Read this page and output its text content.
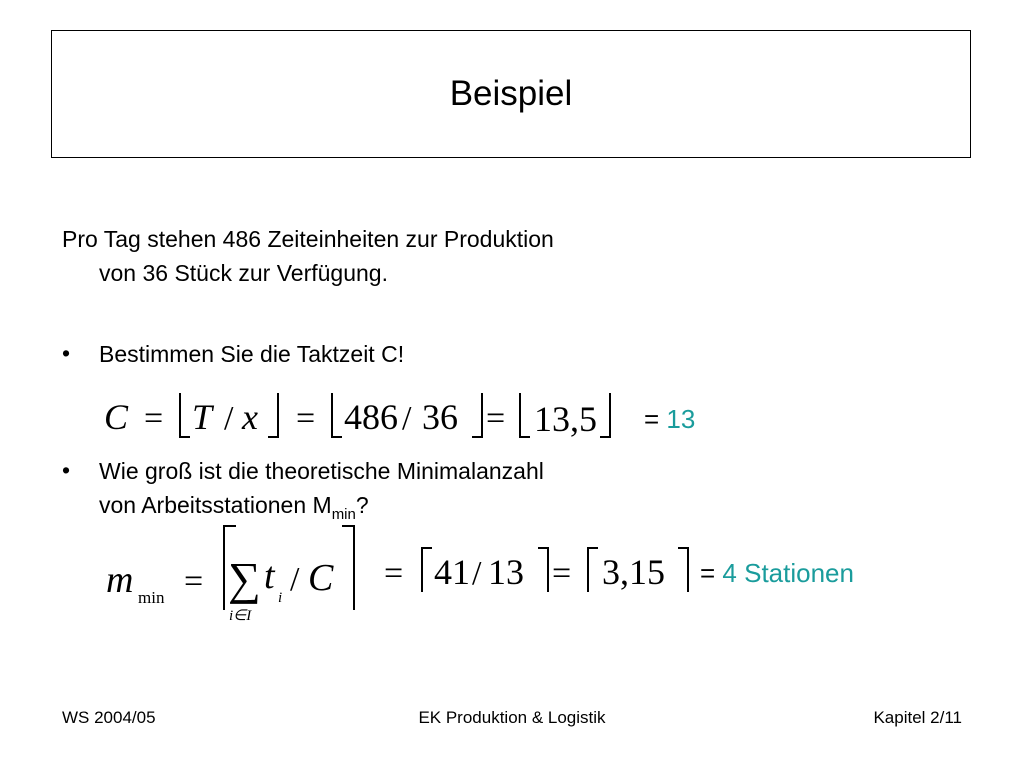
Beispiel
Pro Tag stehen 486 Zeiteinheiten zur Produktion
von 36 Stück zur Verfügung.
• Bestimmen Sie die Taktzeit C!
C = T / x = 486 / 36 = 13,5 = 13
• Wie groß ist die theoretische Minimalanzahl
von Arbeitsstationen $M_{min}$?
m min = ∑
i∈I
t
i / C = 41 / 13 = 3,15 = 4 Stationen
WS 2004/05	EK Produktion & Logistik	Kapitel 2/11
